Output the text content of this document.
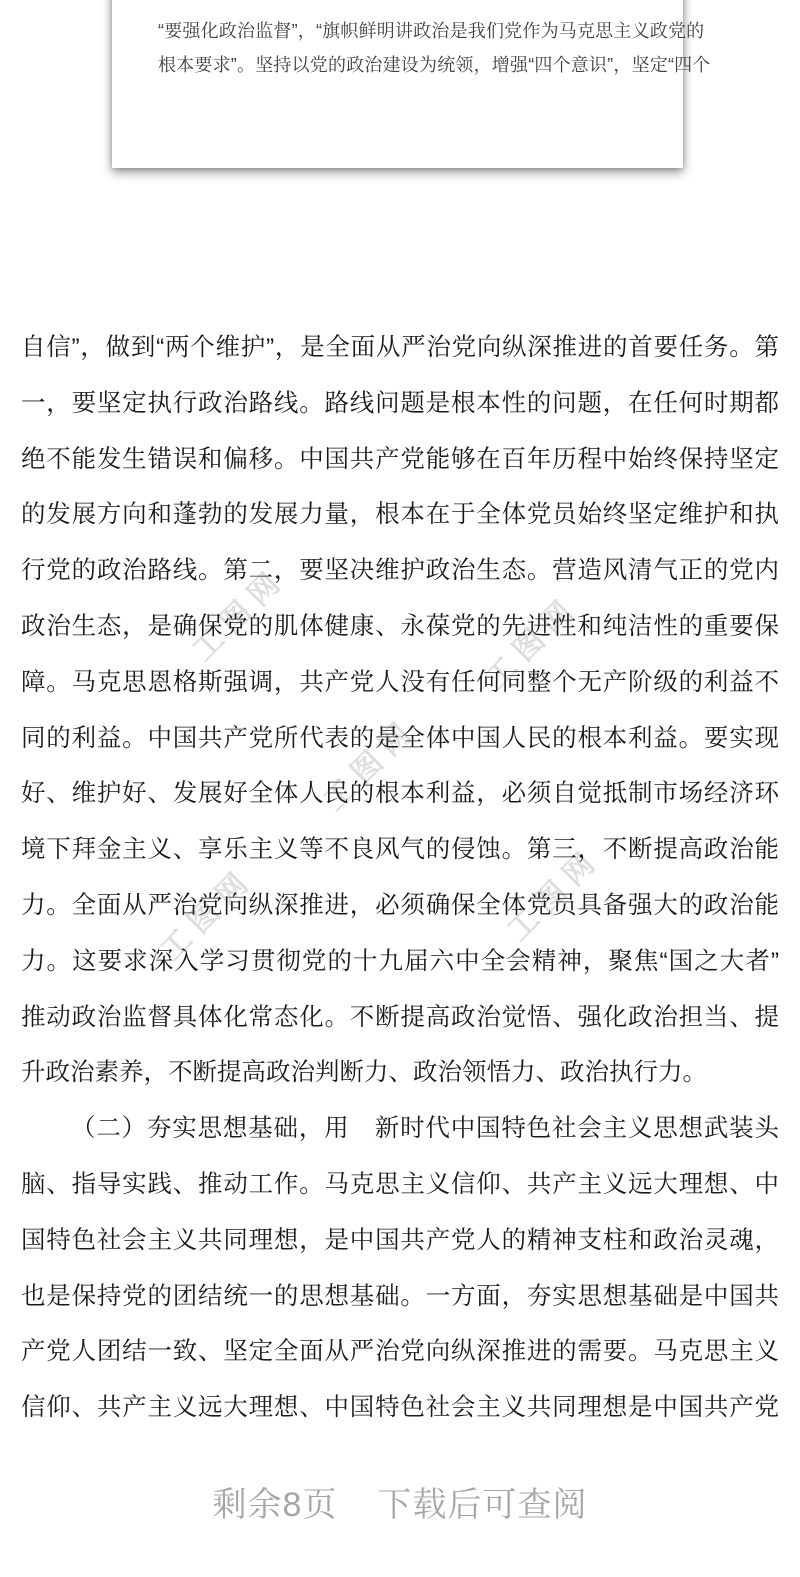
工图网	工图网
工图网
工图网	工图网
“要强化政治监督”，“旗帜鲜明讲政治是我们党作为马克思主义政党的
根本要求”。坚持以党的政治建设为统领，增强“四个意识”，坚定“四个
自信”，做到“两个维护”，是全面从严治党向纵深推进的首要任务。第
一，要坚定执行政治路线。路线问题是根本性的问题，在任何时期都
绝不能发生错误和偏移。中国共产党能够在百年历程中始终保持坚定
的发展方向和蓬勃的发展力量，根本在于全体党员始终坚定维护和执
行党的政治路线。第二，要坚决维护政治生态。营造风清气正的党内
政治生态，是确保党的肌体健康、永葆党的先进性和纯洁性的重要保
障。马克思恩格斯强调，共产党人没有任何同整个无产阶级的利益不
同的利益。中国共产党所代表的是全体中国人民的根本利益。要实现
好、维护好、发展好全体人民的根本利益，必须自觉抵制市场经济环
境下拜金主义、享乐主义等不良风气的侵蚀。第三，不断提高政治能
力。全面从严治党向纵深推进，必须确保全体党员具备强大的政治能
力。这要求深入学习贯彻党的十九届六中全会精神，聚焦“国之大者”
推动政治监督具体化常态化。不断提高政治觉悟、强化政治担当、提
升政治素养，不断提高政治判断力、政治领悟力、政治执行力。
（二）夯实思想基础，用　新时代中国特色社会主义思想武装头
脑、指导实践、推动工作。马克思主义信仰、共产主义远大理想、中
国特色社会主义共同理想，是中国共产党人的精神支柱和政治灵魂，
也是保持党的团结统一的思想基础。一方面，夯实思想基础是中国共
产党人团结一致、坚定全面从严治党向纵深推进的需要。马克思主义
信仰、共产主义远大理想、中国特色社会主义共同理想是中国共产党
剩余8页 下载后可查阅
